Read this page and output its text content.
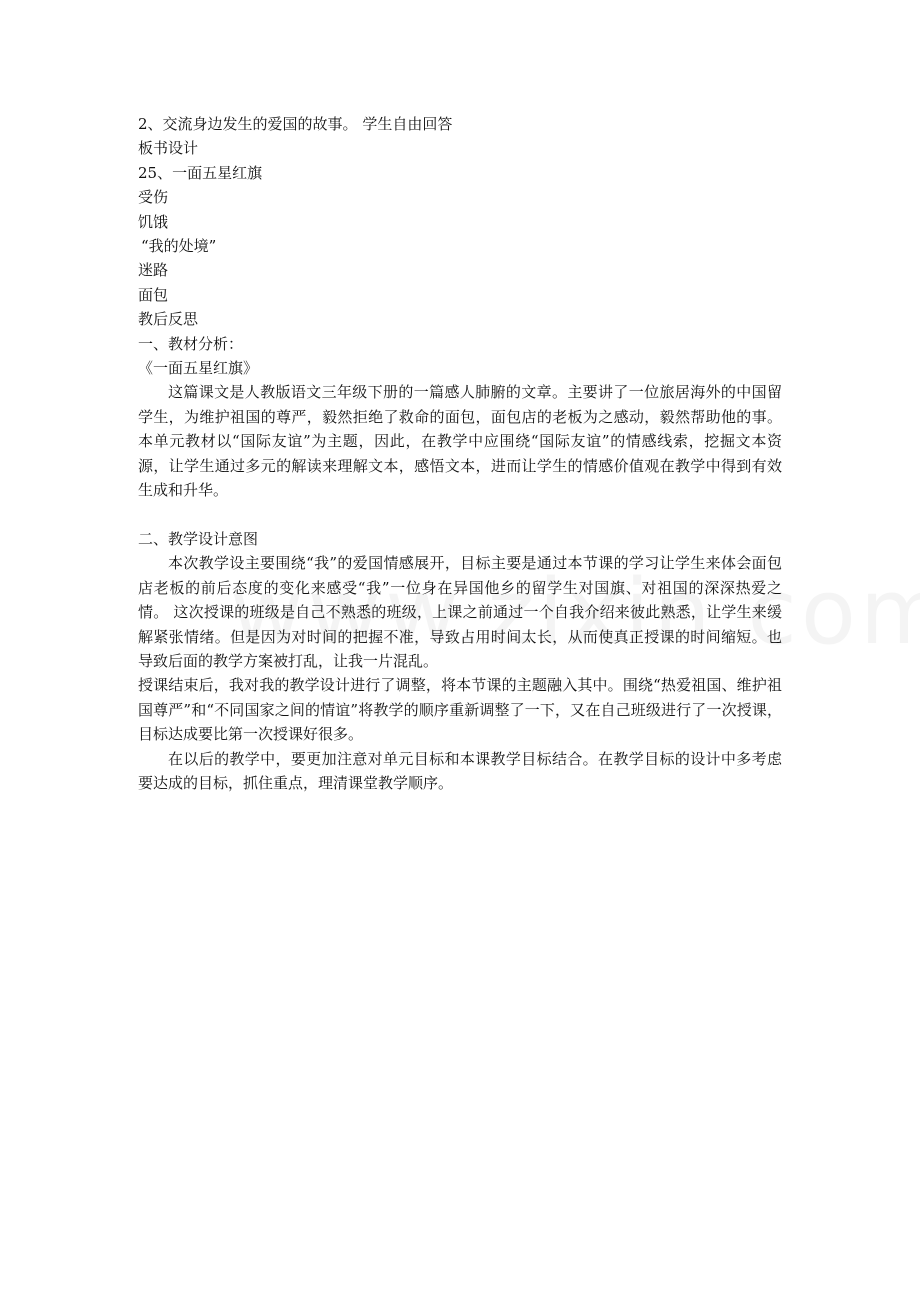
2、交流身边发生的爱国的故事。 学生自由回答
板书设计
25、一面五星红旗
受伤
饥饿
“我的处境”
迷路
面包
教后反思
一、教材分析：
《一面五星红旗》

这篇课文是人教版语文三年级下册的一篇感人肺腑的文章。主要讲了一位旅居海外的中国留学生，为维护祖国的尊严，毅然拒绝了救命的面包，面包店的老板为之感动，毅然帮助他的事。本单元教材以“国际友谊”为主题，因此，在教学中应围绕“国际友谊”的情感线索，挖掘文本资源，让学生通过多元的解读来理解文本，感悟文本，进而让学生的情感价值观在教学中得到有效生成和升华。

二、教学设计意图

本次教学设主要围绕“我”的爱国情感展开，目标主要是通过本节课的学习让学生来体会面包店老板的前后态度的变化来感受“我”一位身在异国他乡的留学生对国旗、对祖国的深深热爱之情。 这次授课的班级是自己不熟悉的班级，上课之前通过一个自我介绍来彼此熟悉，让学生来缓解紧张情绪。但是因为对时间的把握不准，导致占用时间太长，从而使真正授课的时间缩短。也导致后面的教学方案被打乱，让我一片混乱。

授课结束后，我对我的教学设计进行了调整，将本节课的主题融入其中。围绕“热爱祖国、维护祖国尊严”和“不同国家之间的情谊”将教学的顺序重新调整了一下，又在自己班级进行了一次授课，目标达成要比第一次授课好很多。

在以后的教学中，要更加注意对单元目标和本课教学目标结合。在教学目标的设计中多考虑要达成的目标，抓住重点，理清课堂教学顺序。
